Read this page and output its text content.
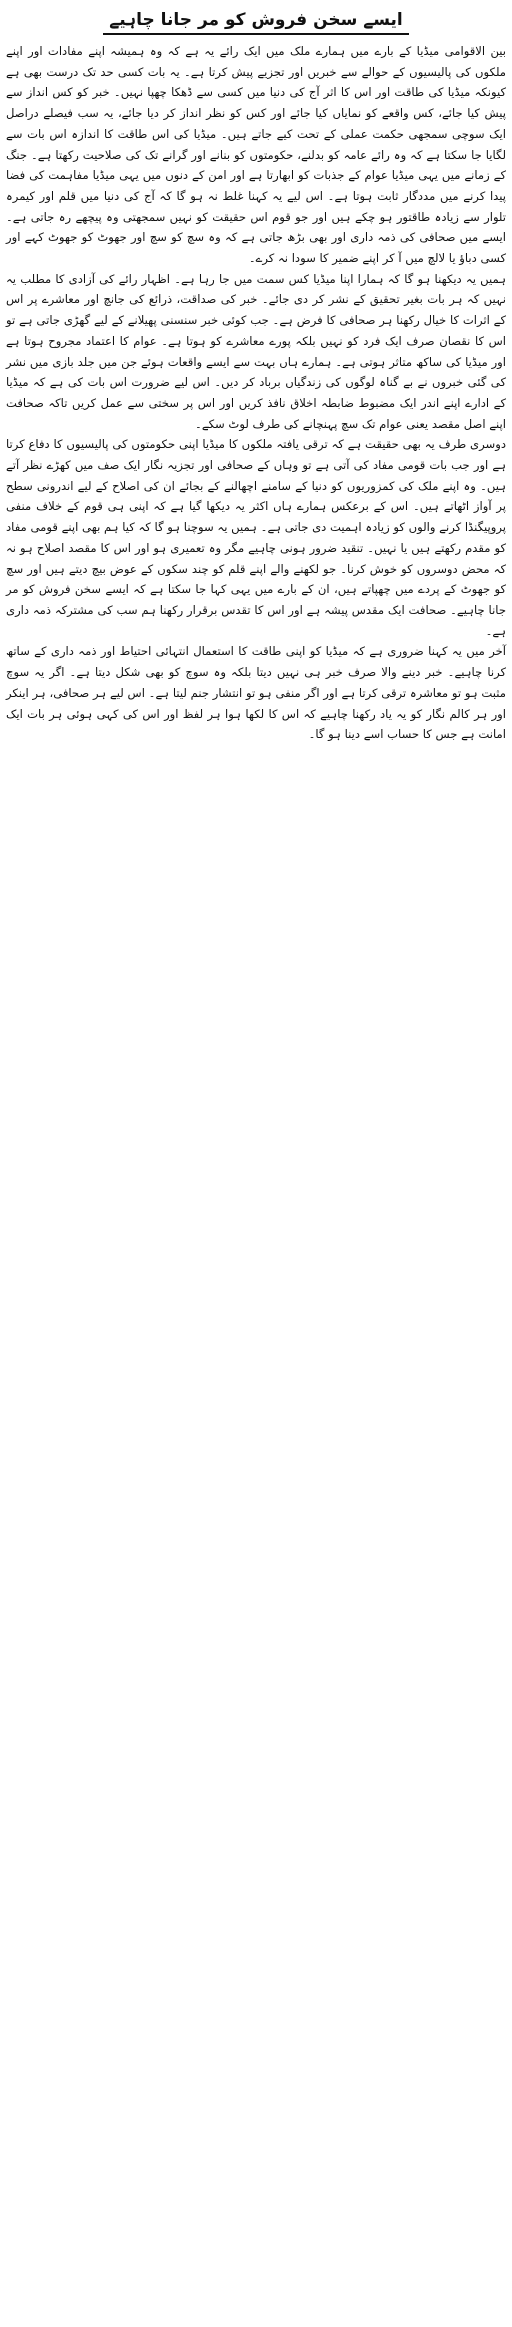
ایسے سخن فروش کو مر جانا چاہیے

بین الاقوامی میڈیا کے بارے میں ہمارے ملک میں ایک رائے یہ ہے کہ وہ ہمیشہ اپنے مفادات اور اپنے ملکوں کی پالیسیوں کے حوالے سے خبریں اور تجزیے پیش کرتا ہے۔ یہ بات کسی حد تک درست بھی ہے کیونکہ میڈیا کی طاقت اور اس کا اثر آج کی دنیا میں کسی سے ڈھکا چھپا نہیں۔ خبر کو کس انداز سے پیش کیا جائے، کس واقعے کو نمایاں کیا جائے اور کس کو نظر انداز کر دیا جائے، یہ سب فیصلے دراصل ایک سوچی سمجھی حکمت عملی کے تحت کیے جاتے ہیں۔ میڈیا کی اس طاقت کا اندازہ اس بات سے لگایا جا سکتا ہے کہ وہ رائے عامہ کو بدلنے، حکومتوں کو بنانے اور گرانے تک کی صلاحیت رکھتا ہے۔ جنگ کے زمانے میں یہی میڈیا عوام کے جذبات کو ابھارتا ہے اور امن کے دنوں میں یہی میڈیا مفاہمت کی فضا پیدا کرنے میں مددگار ثابت ہوتا ہے۔ اس لیے یہ کہنا غلط نہ ہو گا کہ آج کی دنیا میں قلم اور کیمرہ تلوار سے زیادہ طاقتور ہو چکے ہیں اور جو قوم اس حقیقت کو نہیں سمجھتی وہ پیچھے رہ جاتی ہے۔ ایسے میں صحافی کی ذمہ داری اور بھی بڑھ جاتی ہے کہ وہ سچ کو سچ اور جھوٹ کو جھوٹ کہے اور کسی دباؤ یا لالچ میں آ کر اپنے ضمیر کا سودا نہ کرے۔

ہمیں یہ دیکھنا ہو گا کہ ہمارا اپنا میڈیا کس سمت میں جا رہا ہے۔ اظہار رائے کی آزادی کا مطلب یہ نہیں کہ ہر بات بغیر تحقیق کے نشر کر دی جائے۔ خبر کی صداقت، ذرائع کی جانچ اور معاشرے پر اس کے اثرات کا خیال رکھنا ہر صحافی کا فرض ہے۔ جب کوئی خبر سنسنی پھیلانے کے لیے گھڑی جاتی ہے تو اس کا نقصان صرف ایک فرد کو نہیں بلکہ پورے معاشرے کو ہوتا ہے۔ عوام کا اعتماد مجروح ہوتا ہے اور میڈیا کی ساکھ متاثر ہوتی ہے۔ ہمارے ہاں بہت سے ایسے واقعات ہوئے جن میں جلد بازی میں نشر کی گئی خبروں نے بے گناہ لوگوں کی زندگیاں برباد کر دیں۔ اس لیے ضرورت اس بات کی ہے کہ میڈیا کے ادارے اپنے اندر ایک مضبوط ضابطہ اخلاق نافذ کریں اور اس پر سختی سے عمل کریں تاکہ صحافت اپنے اصل مقصد یعنی عوام تک سچ پہنچانے کی طرف لوٹ سکے۔

دوسری طرف یہ بھی حقیقت ہے کہ ترقی یافتہ ملکوں کا میڈیا اپنی حکومتوں کی پالیسیوں کا دفاع کرتا ہے اور جب بات قومی مفاد کی آتی ہے تو وہاں کے صحافی اور تجزیہ نگار ایک صف میں کھڑے نظر آتے ہیں۔ وہ اپنے ملک کی کمزوریوں کو دنیا کے سامنے اچھالنے کے بجائے ان کی اصلاح کے لیے اندرونی سطح پر آواز اٹھاتے ہیں۔ اس کے برعکس ہمارے ہاں اکثر یہ دیکھا گیا ہے کہ اپنی ہی قوم کے خلاف منفی پروپیگنڈا کرنے والوں کو زیادہ اہمیت دی جاتی ہے۔ ہمیں یہ سوچنا ہو گا کہ کیا ہم بھی اپنے قومی مفاد کو مقدم رکھتے ہیں یا نہیں۔ تنقید ضرور ہونی چاہیے مگر وہ تعمیری ہو اور اس کا مقصد اصلاح ہو نہ کہ محض دوسروں کو خوش کرنا۔ جو لکھنے والے اپنے قلم کو چند سکوں کے عوض بیچ دیتے ہیں اور سچ کو جھوٹ کے پردے میں چھپاتے ہیں، ان کے بارے میں یہی کہا جا سکتا ہے کہ ایسے سخن فروش کو مر جانا چاہیے۔ صحافت ایک مقدس پیشہ ہے اور اس کا تقدس برقرار رکھنا ہم سب کی مشترکہ ذمہ داری ہے۔

آخر میں یہ کہنا ضروری ہے کہ میڈیا کو اپنی طاقت کا استعمال انتہائی احتیاط اور ذمہ داری کے ساتھ کرنا چاہیے۔ خبر دینے والا صرف خبر ہی نہیں دیتا بلکہ وہ سوچ کو بھی شکل دیتا ہے۔ اگر یہ سوچ مثبت ہو تو معاشرہ ترقی کرتا ہے اور اگر منفی ہو تو انتشار جنم لیتا ہے۔ اس لیے ہر صحافی، ہر اینکر اور ہر کالم نگار کو یہ یاد رکھنا چاہیے کہ اس کا لکھا ہوا ہر لفظ اور اس کی کہی ہوئی ہر بات ایک امانت ہے جس کا حساب اسے دینا ہو گا۔
